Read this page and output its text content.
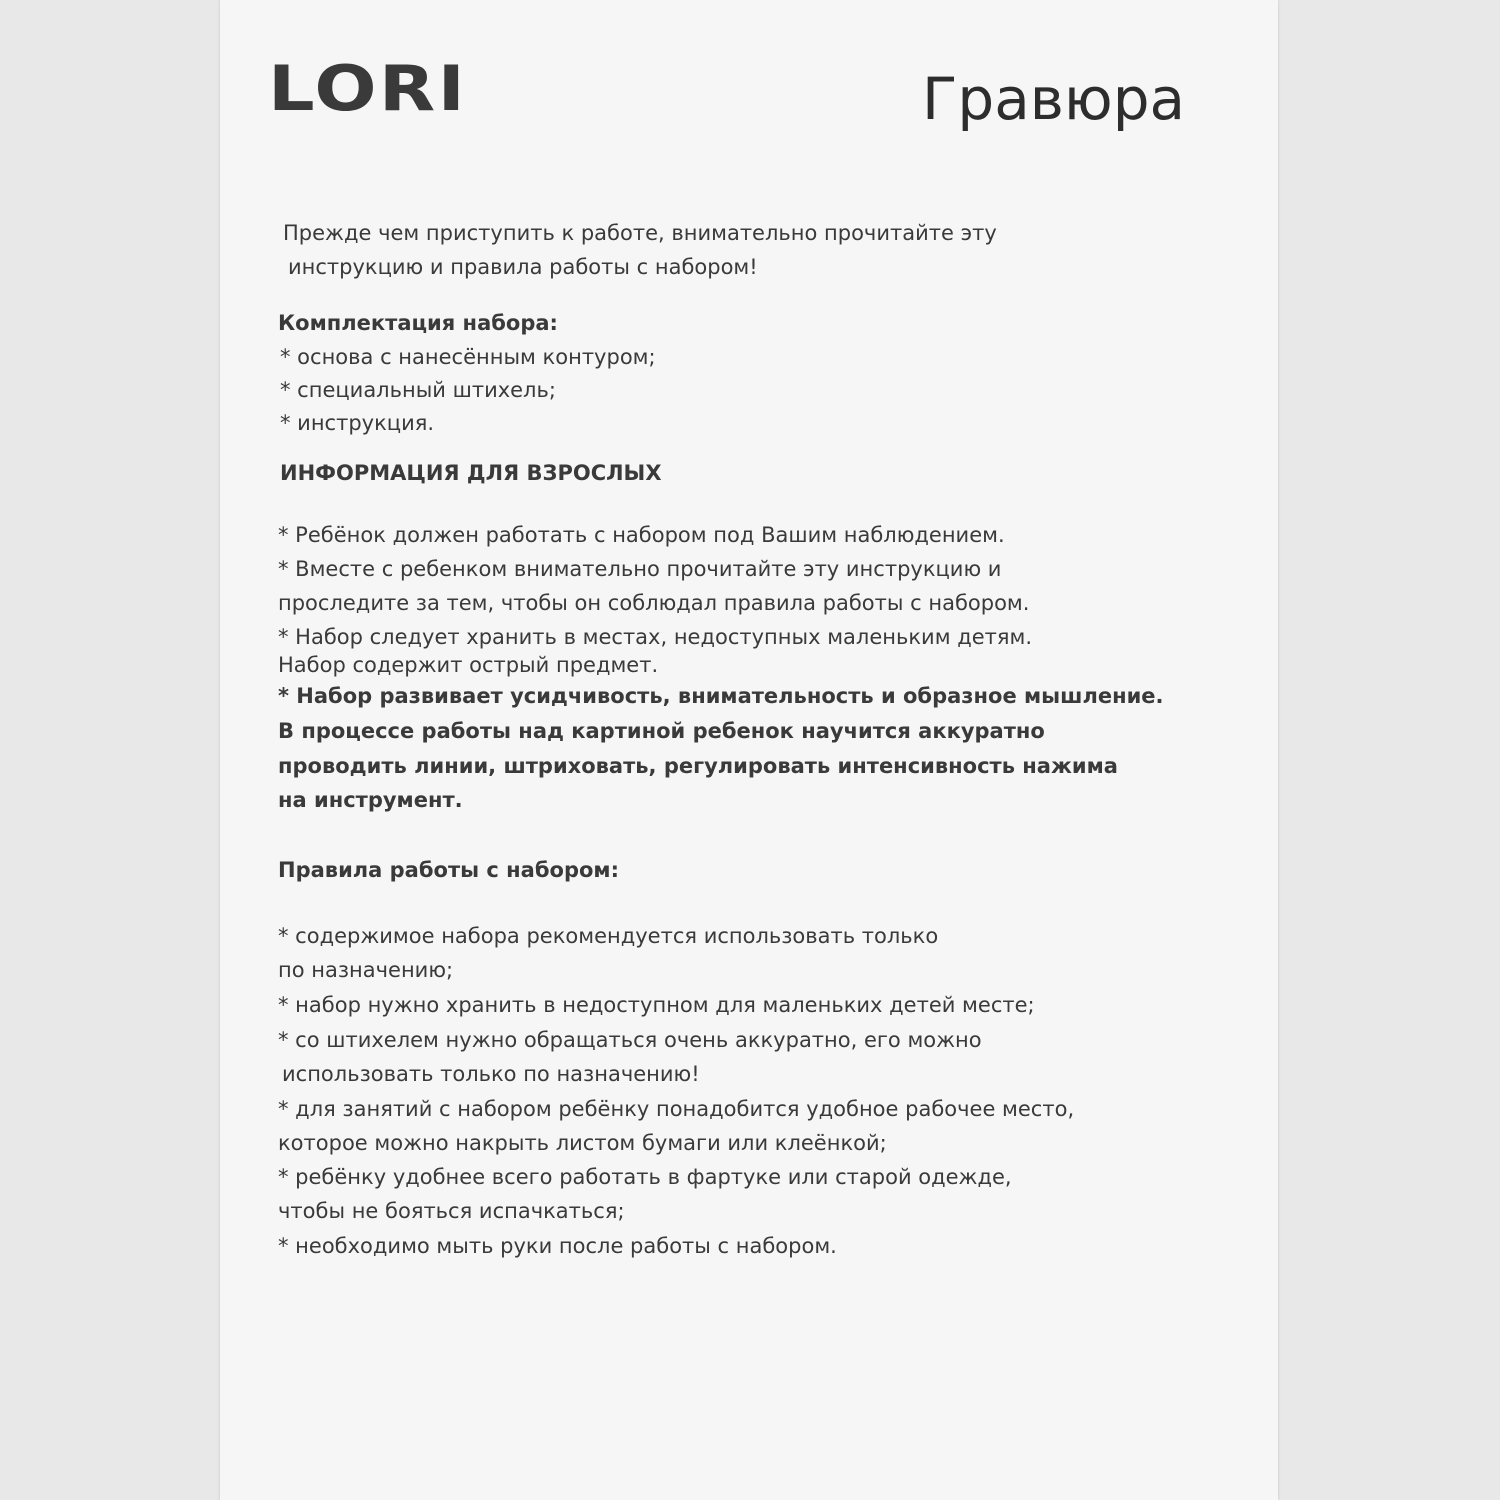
LORI	Гравюра
Прежде чем приступить к работе, внимательно прочитайте эту
инструкцию и правила работы с набором!
Комплектация набора:
* основа с нанесённым контуром;
* специальный штихель;
* инструкция.
ИНФОРМАЦИЯ ДЛЯ ВЗРОСЛЫХ
* Ребёнок должен работать с набором под Вашим наблюдением.
* Вместе с ребенком внимательно прочитайте эту инструкцию и
проследите за тем, чтобы он соблюдал правила работы с набором.
* Набор следует хранить в местах, недоступных маленьким детям.
Набор содержит острый предмет.
* Набор развивает усидчивость, внимательность и образное мышление.
В процессе работы над картиной ребенок научится аккуратно
проводить линии, штриховать, регулировать интенсивность нажима
на инструмент.
Правила работы с набором:
* содержимое набора рекомендуется использовать только
по назначению;
* набор нужно хранить в недоступном для маленьких детей месте;
* со штихелем нужно обращаться очень аккуратно, его можно
использовать только по назначению!
* для занятий с набором ребёнку понадобится удобное рабочее место,
которое можно накрыть листом бумаги или клеёнкой;
* ребёнку удобнее всего работать в фартуке или старой одежде,
чтобы не бояться испачкаться;
* необходимо мыть руки после работы с набором.
